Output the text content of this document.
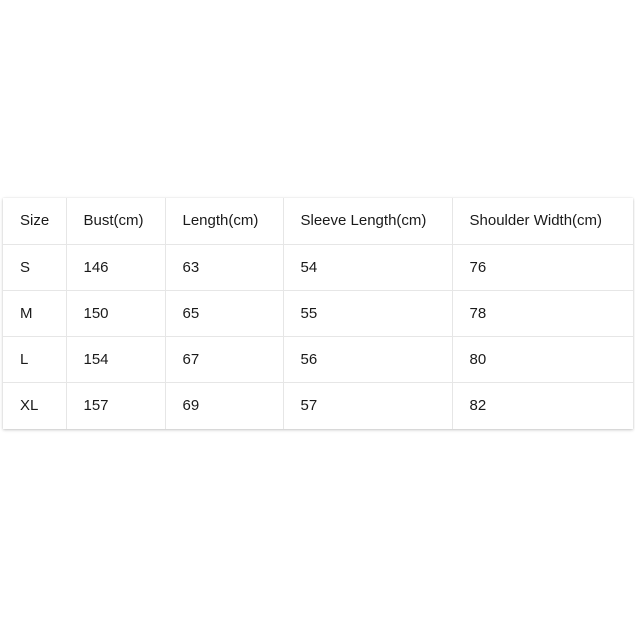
Size	Bust(cm)	Length(cm)	Sleeve Length(cm)	Shoulder Width(cm)
S	146	63	54	76
M	150	65	55	78
L	154	67	56	80
XL	157	69	57	82
